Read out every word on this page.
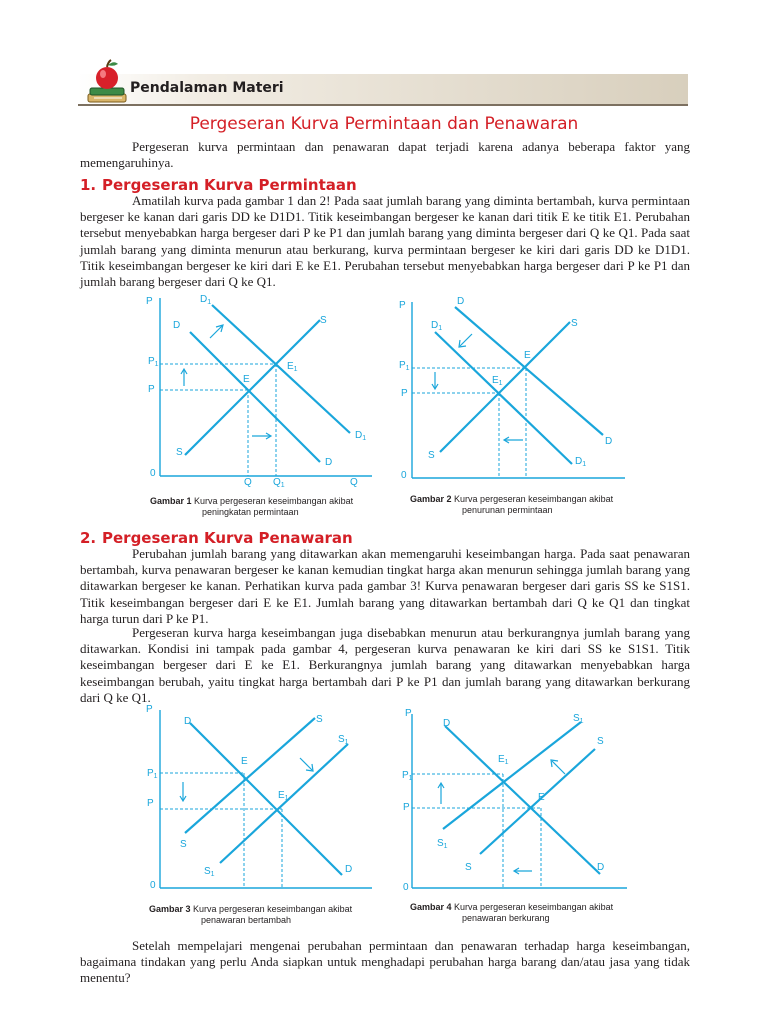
Pendalaman Materi
Pergeseran Kurva Permintaan dan Penawaran

Pergeseran kurva permintaan dan penawaran dapat terjadi karena adanya beberapa faktor yang memengaruhinya.

1. Pergeseran Kurva Permintaan

Amatilah kurva pada gambar 1 dan 2! Pada saat jumlah barang yang diminta bertambah, kurva permintaan bergeser ke kanan dari garis DD ke D1D1. Titik keseimbangan bergeser ke kanan dari titik E ke titik E1. Perubahan tersebut menyebabkan harga bergeser dari P ke P1 dan jumlah barang yang diminta bergeser dari Q ke Q1. Pada saat jumlah barang yang diminta menurun atau berkurang, kurva permintaan bergeser ke kiri dari garis DD ke D1D1. Titik keseimbangan bergeser ke kiri dari E ke E1. Perubahan tersebut menyebabkan harga bergeser dari P ke P1 dan jumlah barang bergeser dari Q ke Q1.

P	$D_1$
D	S
$P_1$
P
$E_1$
E
$D_1$
D
S
0
Q $Q_1$	Q
Gambar 1 Kurva pergeseran keseimbangan akibat
peningkatan permintaan
P	D
$D_1$	S
$P_1$
P
E
$E_1$
D
$D_1$
S
0
Gambar 2 Kurva pergeseran keseimbangan akibat
penurunan permintaan
2. Pergeseran Kurva Penawaran

Perubahan jumlah barang yang ditawarkan akan memengaruhi keseimbangan harga. Pada saat penawaran bertambah, kurva penawaran bergeser ke kanan kemudian tingkat harga akan menurun sehingga jumlah barang yang ditawarkan bergeser ke kanan. Perhatikan kurva pada gambar 3! Kurva penawaran bergeser dari garis SS ke S1S1. Titik keseimbangan bergeser dari E ke E1. Jumlah barang yang ditawarkan bertambah dari Q ke Q1 dan tingkat harga turun dari P ke P1.

Pergeseran kurva harga keseimbangan juga disebabkan menurun atau berkurangnya jumlah barang yang ditawarkan. Kondisi ini tampak pada gambar 4, pergeseran kurva penawaran ke kiri dari SS ke S1S1. Titik keseimbangan bergeser dari E ke E1. Berkurangnya jumlah barang yang ditawarkan menyebabkan harga keseimbangan berubah, yaitu tingkat harga bertambah dari P ke P1 dan jumlah barang yang ditawarkan berkurang dari Q ke Q1.

P
D	S
$S_1$
E
$P_1$
$E_1$
P
S
$S_1$	D
0
Gambar 3 Kurva pergeseran keseimbangan akibat
penawaran bertambah
P
D	$S_1$
S
$E_1$
$P_1$
E
P
$S_1$
S	D
0
Gambar 4 Kurva pergeseran keseimbangan akibat
penawaran berkurang

Setelah mempelajari mengenai perubahan permintaan dan penawaran terhadap harga keseimbangan, bagaimana tindakan yang perlu Anda siapkan untuk menghadapi perubahan harga barang dan/atau jasa yang tidak menentu?
